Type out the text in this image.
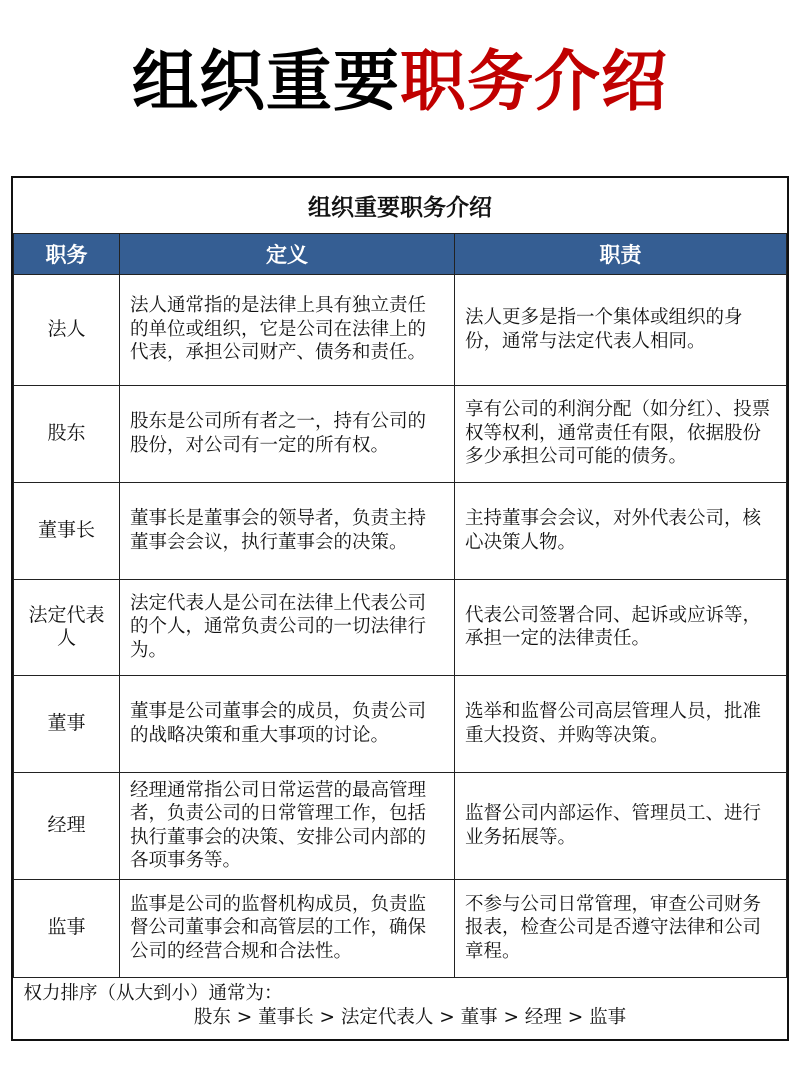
组织重要职务介绍
组织重要职务介绍		
职务	定义	职责
法人	法人通常指的是法律上具有独立责任的单位或组织，它是公司在法律上的代表，承担公司财产、债务和责任。	法人更多是指一个集体或组织的身份，通常与法定代表人相同。
股东	股东是公司所有者之一，持有公司的股份，对公司有一定的所有权。	享有公司的利润分配（如分红）、投票权等权利，通常责任有限，依据股份多少承担公司可能的债务。
董事长	董事长是董事会的领导者，负责主持董事会会议，执行董事会的决策。	主持董事会会议，对外代表公司，核心决策人物。
法定代表人	法定代表人是公司在法律上代表公司的个人，通常负责公司的一切法律行为。	代表公司签署合同、起诉或应诉等，承担一定的法律责任。
董事	董事是公司董事会的成员，负责公司的战略决策和重大事项的讨论。	选举和监督公司高层管理人员，批准重大投资、并购等决策。
经理	经理通常指公司日常运营的最高管理者，负责公司的日常管理工作，包括执行董事会的决策、安排公司内部的各项事务等。	监督公司内部运作、管理员工、进行业务拓展等。
监事	监事是公司的监督机构成员，负责监督公司董事会和高管层的工作，确保公司的经营合规和合法性。	不参与公司日常管理，审查公司财务报表，检查公司是否遵守法律和公司章程。
权力排序（从大到小）通常为：
股东 > 董事长 > 法定代表人 > 董事 > 经理 > 监事		
